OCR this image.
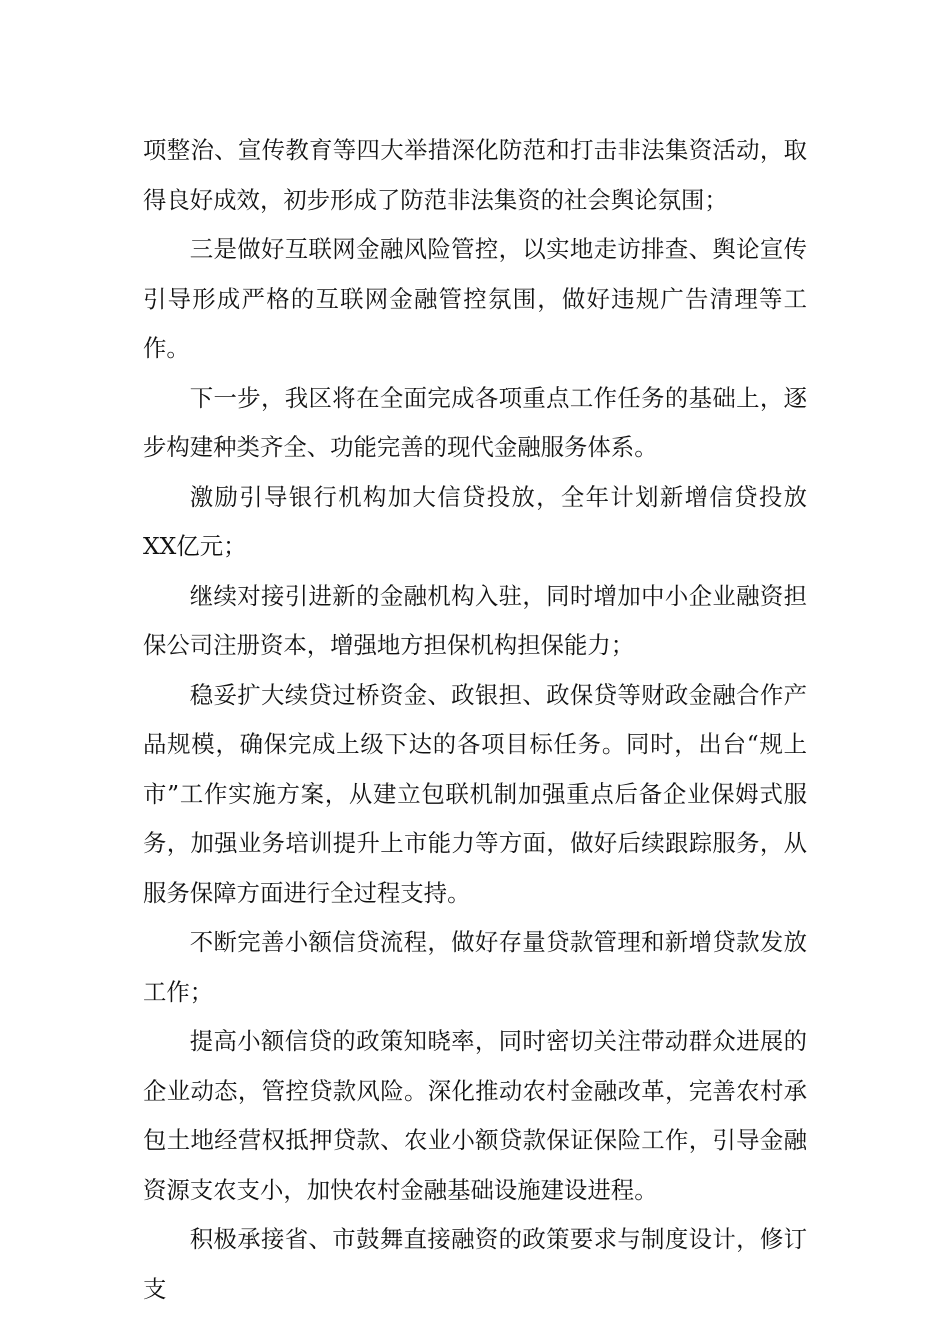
项整治、宣传教育等四大举措深化防范和打击非法集资活动，取得良好成效，初步形成了防范非法集资的社会舆论氛围；

三是做好互联网金融风险管控，以实地走访排查、舆论宣传引导形成严格的互联网金融管控氛围，做好违规广告清理等工作。

下一步，我区将在全面完成各项重点工作任务的基础上，逐步构建种类齐全、功能完善的现代金融服务体系。

激励引导银行机构加大信贷投放，全年计划新增信贷投放XX亿元；

继续对接引进新的金融机构入驻，同时增加中小企业融资担保公司注册资本，增强地方担保机构担保能力；

稳妥扩大续贷过桥资金、政银担、政保贷等财政金融合作产品规模，确保完成上级下达的各项目标任务。同时，出台“规上市”工作实施方案，从建立包联机制加强重点后备企业保姆式服务，加强业务培训提升上市能力等方面，做好后续跟踪服务，从服务保障方面进行全过程支持。

不断完善小额信贷流程，做好存量贷款管理和新增贷款发放工作；

提高小额信贷的政策知晓率，同时密切关注带动群众进展的企业动态，管控贷款风险。深化推动农村金融改革，完善农村承包土地经营权抵押贷款、农业小额贷款保证保险工作，引导金融资源支农支小，加快农村金融基础设施建设进程。

积极承接省、市鼓舞直接融资的政策要求与制度设计，修订支
